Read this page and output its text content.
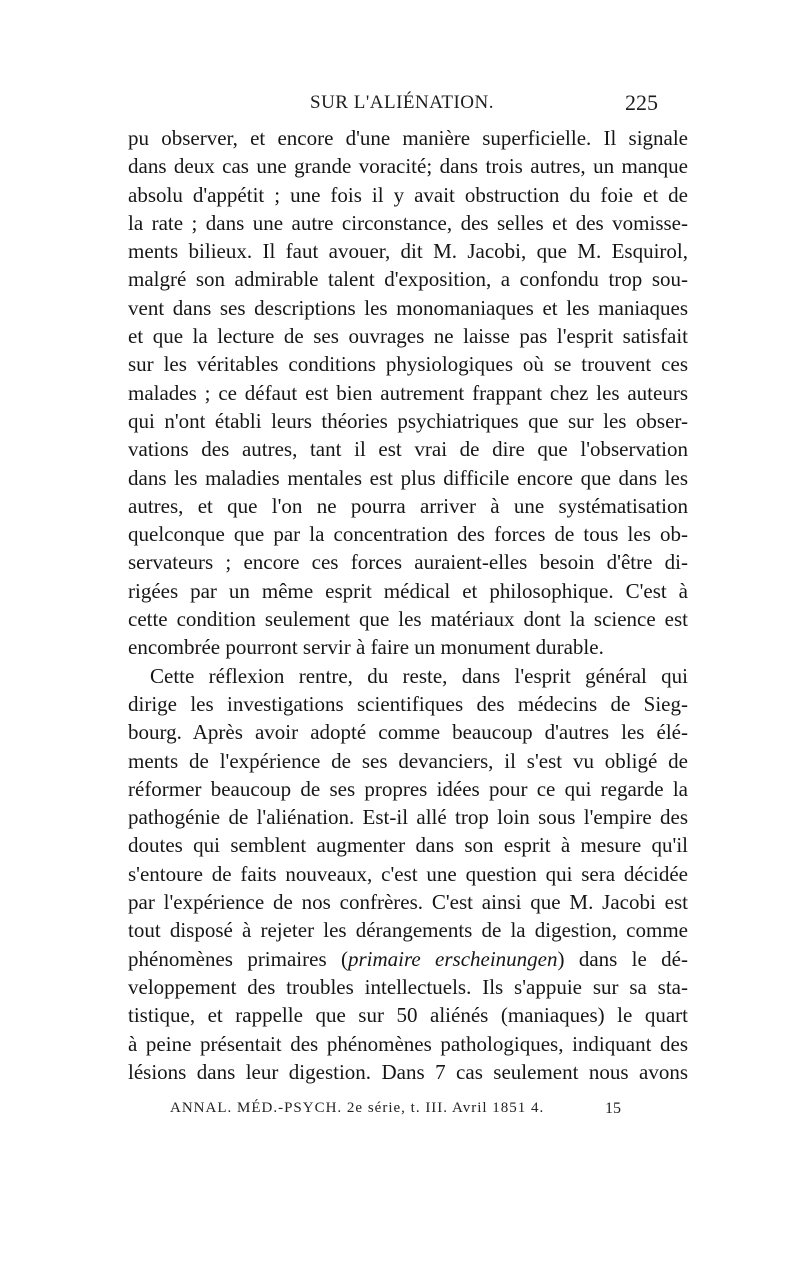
SUR L'ALIÉNATION.	225
pu observer, et encore d'une manière superficielle. Il signale
dans deux cas une grande voracité; dans trois autres, un manque
absolu d'appétit ; une fois il y avait obstruction du foie et de
la rate ; dans une autre circonstance, des selles et des vomisse-
ments bilieux. Il faut avouer, dit M. Jacobi, que M. Esquirol,
malgré son admirable talent d'exposition, a confondu trop sou-
vent dans ses descriptions les monomaniaques et les maniaques
et que la lecture de ses ouvrages ne laisse pas l'esprit satisfait
sur les véritables conditions physiologiques où se trouvent ces
malades ; ce défaut est bien autrement frappant chez les auteurs
qui n'ont établi leurs théories psychiatriques que sur les obser-
vations des autres, tant il est vrai de dire que l'observation
dans les maladies mentales est plus difficile encore que dans les
autres, et que l'on ne pourra arriver à une systématisation
quelconque que par la concentration des forces de tous les ob-
servateurs ; encore ces forces auraient-elles besoin d'être di-
rigées par un même esprit médical et philosophique. C'est à
cette condition seulement que les matériaux dont la science est
encombrée pourront servir à faire un monument durable.
Cette réflexion rentre, du reste, dans l'esprit général qui
dirige les investigations scientifiques des médecins de Sieg-
bourg. Après avoir adopté comme beaucoup d'autres les élé-
ments de l'expérience de ses devanciers, il s'est vu obligé de
réformer beaucoup de ses propres idées pour ce qui regarde la
pathogénie de l'aliénation. Est-il allé trop loin sous l'empire des
doutes qui semblent augmenter dans son esprit à mesure qu'il
s'entoure de faits nouveaux, c'est une question qui sera décidée
par l'expérience de nos confrères. C'est ainsi que M. Jacobi est
tout disposé à rejeter les dérangements de la digestion, comme
phénomènes primaires (primaire erscheinungen) dans le dé-
veloppement des troubles intellectuels. Ils s'appuie sur sa sta-
tistique, et rappelle que sur 50 aliénés (maniaques) le quart
à peine présentait des phénomènes pathologiques, indiquant des
lésions dans leur digestion. Dans 7 cas seulement nous avons
ANNAL. MÉD.-PSYCH. 2e série, t. III. Avril 1851 4.	15
